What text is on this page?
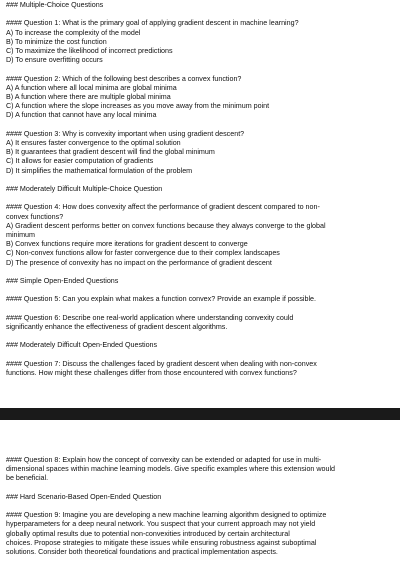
### Multiple-Choice Questions

#### Question 1: What is the primary goal of applying gradient descent in machine learning?

A) To increase the complexity of the model

B) To minimize the cost function

C) To maximize the likelihood of incorrect predictions

D) To ensure overfitting occurs

#### Question 2: Which of the following best describes a convex function?

A) A function where all local minima are global minima

B) A function where there are multiple global minima

C) A function where the slope increases as you move away from the minimum point

D) A function that cannot have any local minima

#### Question 3: Why is convexity important when using gradient descent?

A) It ensures faster convergence to the optimal solution

B) It guarantees that gradient descent will find the global minimum

C) It allows for easier computation of gradients

D) It simplifies the mathematical formulation of the problem

### Moderately Difficult Multiple-Choice Question

#### Question 4: How does convexity affect the performance of gradient descent compared to non-

convex functions?

A) Gradient descent performs better on convex functions because they always converge to the global

minimum

B) Convex functions require more iterations for gradient descent to converge

C) Non-convex functions allow for faster convergence due to their complex landscapes

D) The presence of convexity has no impact on the performance of gradient descent

### Simple Open-Ended Questions

#### Question 5: Can you explain what makes a function convex? Provide an example if possible.

#### Question 6: Describe one real-world application where understanding convexity could

significantly enhance the effectiveness of gradient descent algorithms.

### Moderately Difficult Open-Ended Questions

#### Question 7: Discuss the challenges faced by gradient descent when dealing with non-convex

functions. How might these challenges differ from those encountered with convex functions?

#### Question 8: Explain how the concept of convexity can be extended or adapted for use in multi-

dimensional spaces within machine learning models. Give specific examples where this extension would

be beneficial.

### Hard Scenario-Based Open-Ended Question

#### Question 9: Imagine you are developing a new machine learning algorithm designed to optimize

hyperparameters for a deep neural network. You suspect that your current approach may not yield

globally optimal results due to potential non-convexities introduced by certain architectural

choices. Propose strategies to mitigate these issues while ensuring robustness against suboptimal

solutions. Consider both theoretical foundations and practical implementation aspects.
